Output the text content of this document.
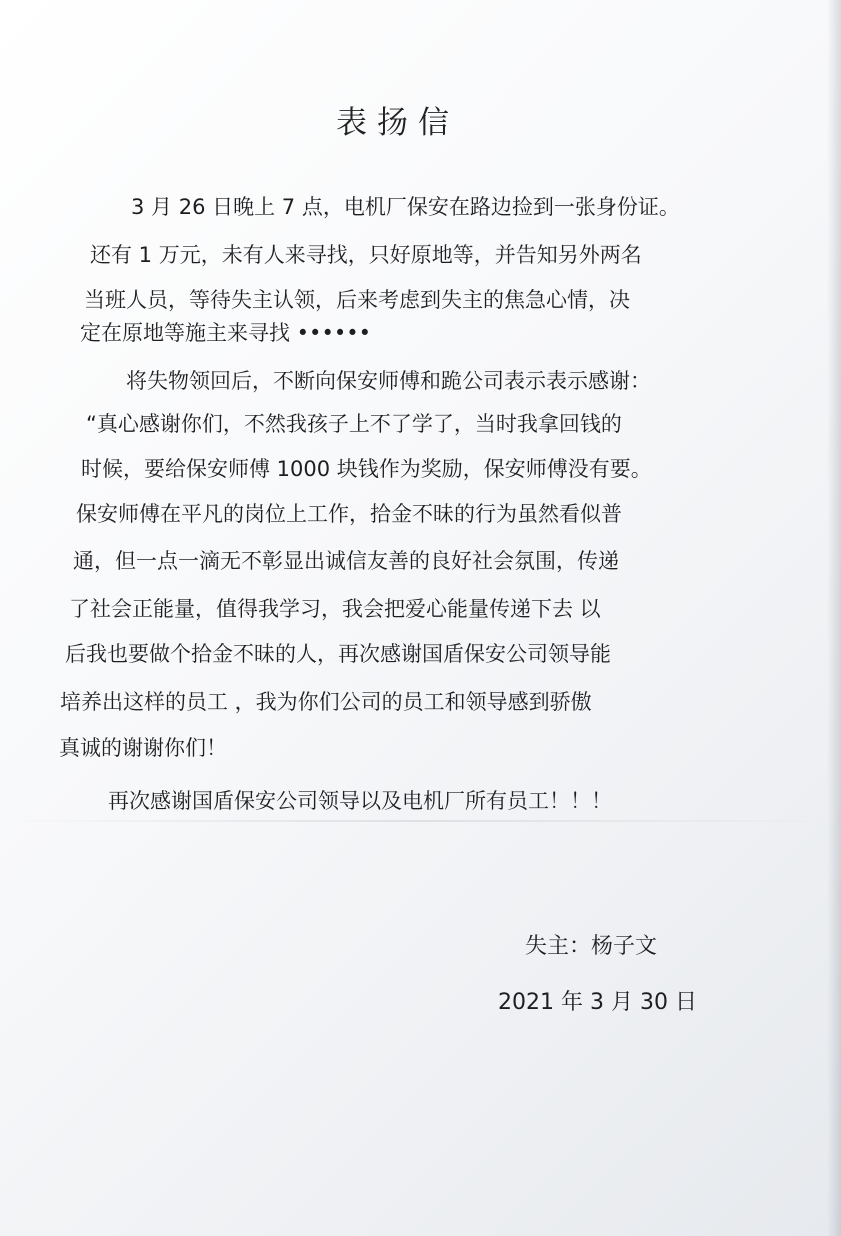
表扬信

3 月 26 日晚上 7 点，电机厂保安在路边捡到一张身份证。

还有 1 万元，未有人来寻找，只好原地等，并告知另外两名

当班人员，等待失主认领，后来考虑到失主的焦急心情，决

定在原地等施主来寻找 ••••••

将失物领回后，不断向保安师傅和跪公司表示表示感谢：

“真心感谢你们，不然我孩子上不了学了，当时我拿回钱的

时候，要给保安师傅 1000 块钱作为奖励，保安师傅没有要。

保安师傅在平凡的岗位上工作，拾金不昧的行为虽然看似普

通，但一点一滴无不彰显出诚信友善的良好社会氛围，传递

了社会正能量，值得我学习，我会把爱心能量传递下去 以

后我也要做个拾金不昧的人，再次感谢国盾保安公司领导能

培养出这样的员工 ，我为你们公司的员工和领导感到骄傲

真诚的谢谢你们！

再次感谢国盾保安公司领导以及电机厂所有员工！！！

失主：杨子文

2021 年 3 月 30 日
